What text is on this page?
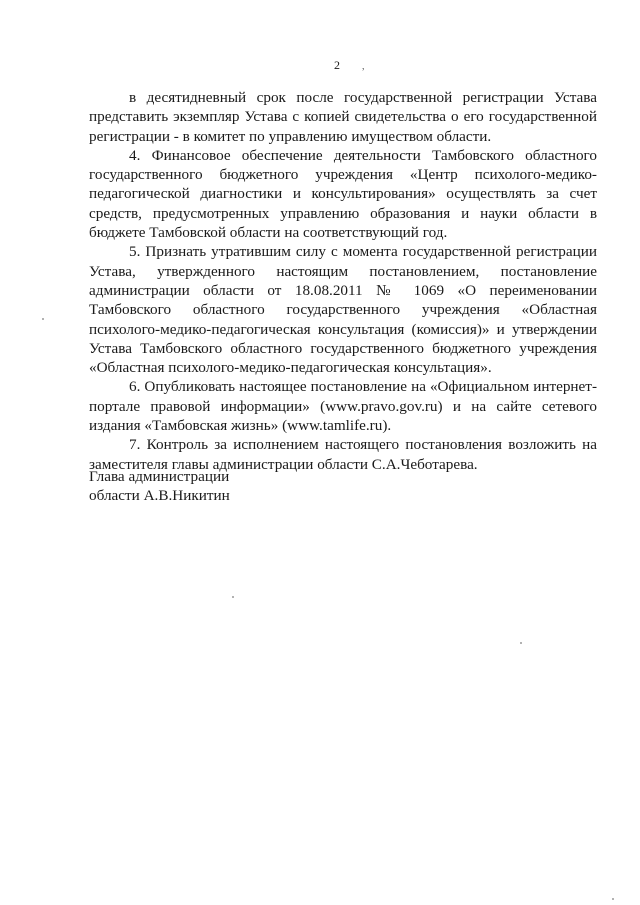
2 ,

в десятидневный срок после государственной регистрации Устава представить экземпляр Устава с копией свидетельства о его государственной регистрации - в комитет по управлению имуществом области.

4. Финансовое обеспечение деятельности Тамбовского областного государственного бюджетного учреждения «Центр психолого-медико-педагогической диагностики и консультирования» осуществлять за счет средств, предусмотренных управлению образования и науки области в бюджете Тамбовской области на соответствующий год.

5. Признать утратившим силу с момента государственной регистрации Устава, утвержденного настоящим постановлением, постановление администрации области от 18.08.2011 № 1069 «О переименовании Тамбовского областного государственного учреждения «Областная психолого-медико-педагогическая консультация (комиссия)» и утверждении Устава Тамбовского областного государственного бюджетного учреждения «Областная психолого-медико-педагогическая консультация».

6. Опубликовать настоящее постановление на «Официальном интернет-портале правовой информации» (www.pravo.gov.ru) и на сайте сетевого издания «Тамбовская жизнь» (www.tamlife.ru).

7. Контроль за исполнением настоящего постановления возложить на заместителя главы администрации области С.А.Чеботарева.

Глава администрации
области А.В.Никитин
